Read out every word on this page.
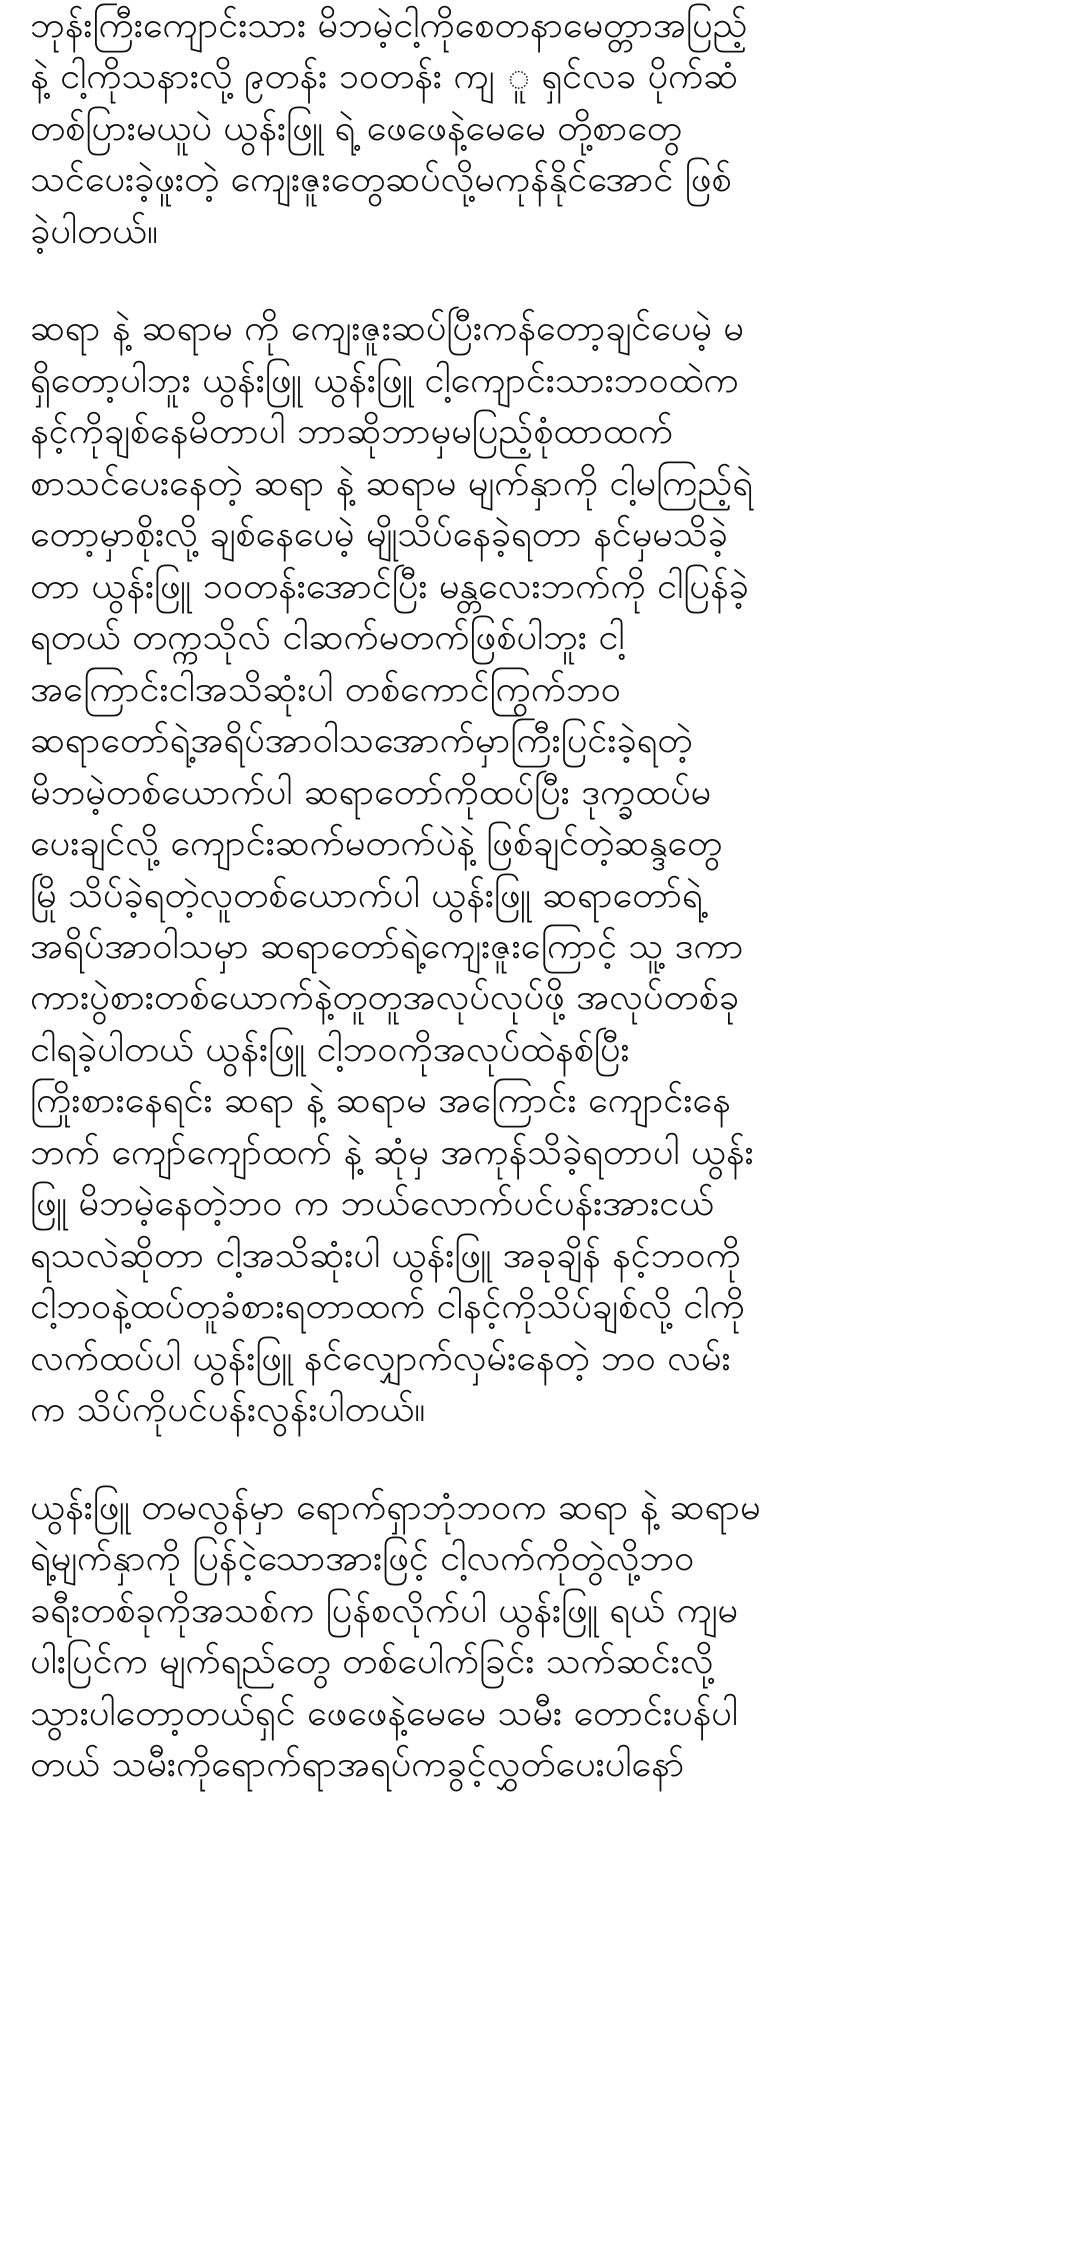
ဘုန်းကြီးကျောင်းသား မိဘမဲ့ငါ့ကိုစေတနာမေတ္တာအပြည့်
နဲ့ ငါ့ကိုသနားလို့ ၉တန်း ၁၀တန်း ကျ ူ ရှင်လခ ပိုက်ဆံ
တစ်ပြားမယူပဲ ယွန်းဖြူ ရဲ့ ဖေဖေနဲ့မေမေ တို့စာတွေ
သင်ပေးခဲ့ဖူးတဲ့ ကျေးဇူးတွေဆပ်လို့မကုန်နိုင်အောင် ဖြစ်
ခဲ့ပါတယ်။

ဆရာ နဲ့ ဆရာမ ကို ကျေးဇူးဆပ်ပြီးကန်တော့ချင်ပေမဲ့ မ
ရှိတော့ပါဘူး ယွန်းဖြူ ယွန်းဖြူ ငါ့ကျောင်းသားဘဝထဲက
နင့်ကိုချစ်နေမိတာပါ ဘာဆိုဘာမှမပြည့်စုံထာထက်
စာသင်ပေးနေတဲ့ ဆရာ နဲ့ ဆရာမ မျက်နှာကို ငါ့မကြည့်ရဲ
တော့မှာစိုးလို့ ချစ်နေပေမဲ့ မျိုသိပ်နေခဲ့ရတာ နင်မှမသိခဲ့
တာ ယွန်းဖြူ ၁၀တန်းအောင်ပြီး မန္တလေးဘက်ကို ငါပြန်ခဲ့
ရတယ် တက္ကသိုလ် ငါဆက်မတက်ဖြစ်ပါဘူး ငါ့
အကြောင်းငါအသိဆုံးပါ တစ်ကောင်ကြွက်ဘဝ
ဆရာတော်ရဲ့အရိပ်အာဝါသအောက်မှာကြီးပြင်းခဲ့ရတဲ့
မိဘမဲ့တစ်ယောက်ပါ ဆရာတော်ကိုထပ်ပြီး ဒုက္ခထပ်မ
ပေးချင်လို့ ကျောင်းဆက်မတက်ပဲနဲ့ ဖြစ်ချင်တဲ့ဆန္ဒတွေ
မြို သိပ်ခဲ့ရတဲ့လူတစ်ယောက်ပါ ယွန်းဖြူ ဆရာတော်ရဲ့
အရိပ်အာဝါသမှာ ဆရာတော်ရဲ့ကျေးဇူးကြောင့် သူ့ ဒကာ
ကားပွဲစားတစ်ယောက်နဲ့တူတူအလုပ်လုပ်ဖို့ အလုပ်တစ်ခု
ငါရခဲ့ပါတယ် ယွန်းဖြူ ငါ့ဘဝကိုအလုပ်ထဲနစ်ပြီး
ကြိုးစားနေရင်း ဆရာ နဲ့ ဆရာမ အကြောင်း ကျောင်းနေ
ဘက် ကျော်ကျော်ထက် နဲ့ ဆုံမှ အကုန်သိခဲ့ရတာပါ ယွန်း
ဖြူ မိဘမဲ့နေတဲ့ဘဝ က ဘယ်လောက်ပင်ပန်းအားငယ်
ရသလဲဆိုတာ ငါ့အသိဆုံးပါ ယွန်းဖြူ အခုချိန် နင့်ဘဝကို
ငါ့ဘဝနဲ့ထပ်တူခံစားရတာထက် ငါနင့်ကိုသိပ်ချစ်လို့ ငါကို
လက်ထပ်ပါ ယွန်းဖြူ နင်လျှောက်လှမ်းနေတဲ့ ဘဝ လမ်း
က သိပ်ကိုပင်ပန်းလွန်းပါတယ်။

ယွန်းဖြူ တမလွန်မှာ ရောက်ရှာဘုံဘဝက ဆရာ နဲ့ ဆရာမ
ရဲ့မျက်နှာကို ပြန်ငဲ့သောအားဖြင့် ငါ့လက်ကိုတွဲလို့ဘဝ
ခရီးတစ်ခုကိုအသစ်က ပြန်စလိုက်ပါ ယွန်းဖြူ ရယ် ကျမ
ပါးပြင်က မျက်ရည်တွေ တစ်ပေါက်ခြင်း သက်ဆင်းလို့
သွားပါတော့တယ်ရှင် ဖေဖေနဲ့မေမေ သမီး တောင်းပန်ပါ
တယ် သမီးကိုရောက်ရာအရပ်ကခွင့်လွှတ်ပေးပါနော်
